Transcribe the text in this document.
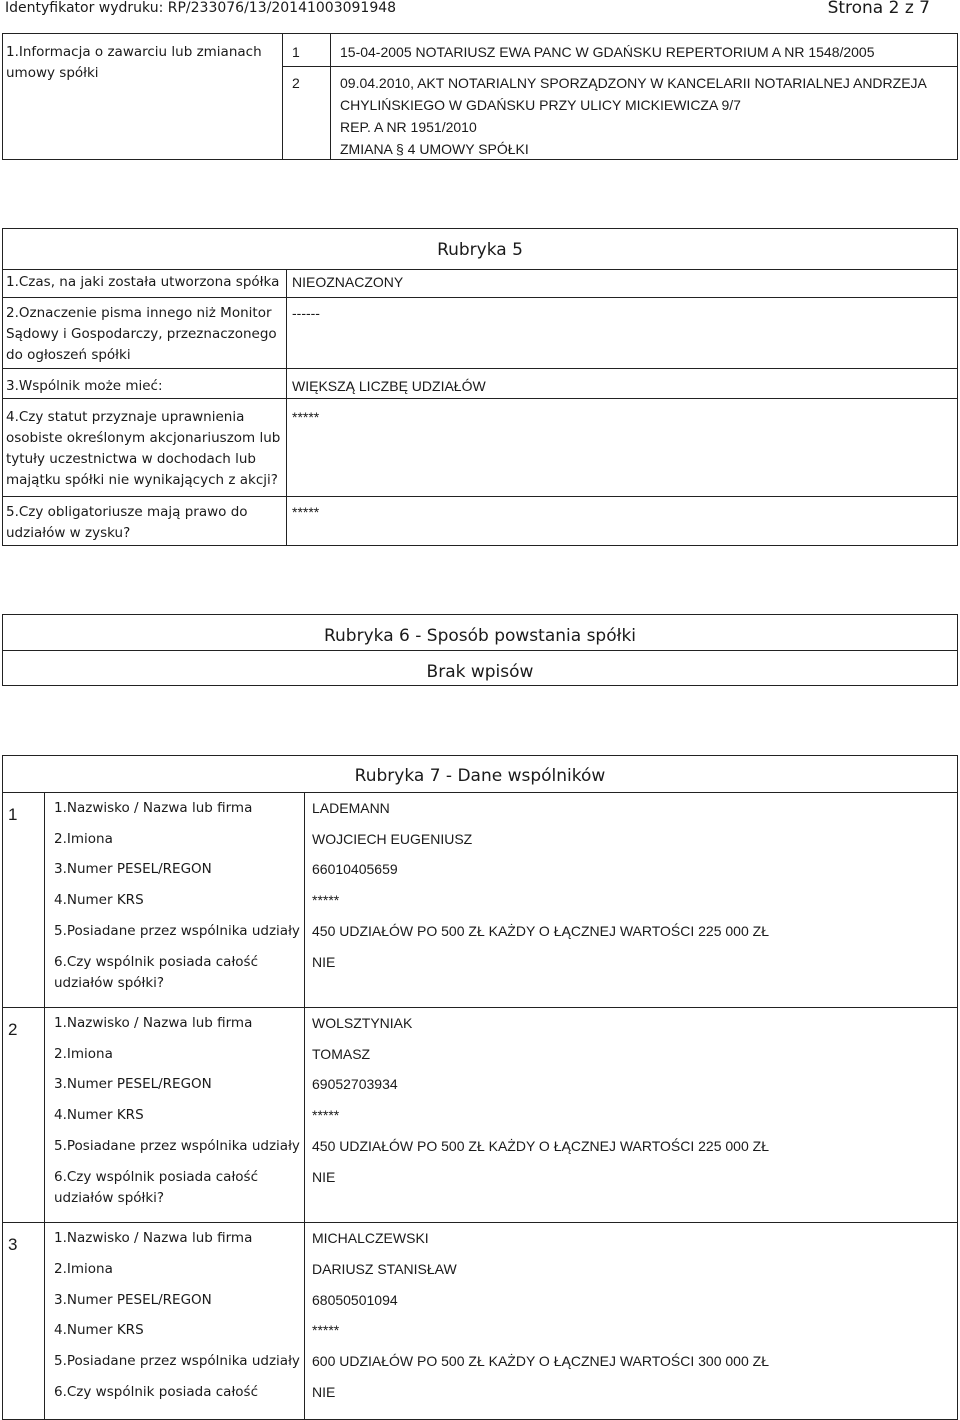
Identyfikator wydruku: RP/233076/13/20141003091948	Strona 2 z 7
1.Informacja o zawarciu lub zmianach umowy spółki
1	15-04-2005 NOTARIUSZ EWA PANC W GDAŃSKU REPERTORIUM A NR 1548/2005
2	09.04.2010, AKT NOTARIALNY SPORZĄDZONY W KANCELARII NOTARIALNEJ ANDRZEJA
CHYLIŃSKIEGO W GDAŃSKU PRZY ULICY MICKIEWICZA 9/7
REP. A NR 1951/2010
ZMIANA § 4 UMOWY SPÓŁKI
Rubryka 5
1.Czas, na jaki została utworzona spółka NIEOZNACZONY
2.Oznaczenie pisma innego niż Monitor Sądowy i Gospodarczy, przeznaczonego do ogłoszeń spółki
------
3.Wspólnik może mieć:	WIĘKSZĄ LICZBĘ UDZIAŁÓW
4.Czy statut przyznaje uprawnienia osobiste określonym akcjonariuszom lub tytuły uczestnictwa w dochodach lub majątku spółki nie wynikających z akcji?
*****
5.Czy obligatoriusze mają prawo do udziałów w zysku?
*****
Rubryka 6 - Sposób powstania spółki
Brak wpisów
Rubryka 7 - Dane wspólników
1	1.Nazwisko / Nazwa lub firma	LADEMANN
2.Imiona	WOJCIECH EUGENIUSZ
3.Numer PESEL/REGON	66010405659
4.Numer KRS	*****
5.Posiadane przez wspólnika udziały 450 UDZIAŁÓW PO 500 ZŁ KAŻDY O ŁĄCZNEJ WARTOŚCI 225 000 ZŁ
6.Czy wspólnik posiada całość udziałów spółki?
NIE
2	1.Nazwisko / Nazwa lub firma	WOLSZTYNIAK
2.Imiona	TOMASZ
3.Numer PESEL/REGON	69052703934
4.Numer KRS	*****
5.Posiadane przez wspólnika udziały 450 UDZIAŁÓW PO 500 ZŁ KAŻDY O ŁĄCZNEJ WARTOŚCI 225 000 ZŁ
6.Czy wspólnik posiada całość udziałów spółki?
NIE
3	1.Nazwisko / Nazwa lub firma	MICHALCZEWSKI
2.Imiona	DARIUSZ STANISŁAW
3.Numer PESEL/REGON	68050501094
4.Numer KRS	*****
5.Posiadane przez wspólnika udziały 600 UDZIAŁÓW PO 500 ZŁ KAŻDY O ŁĄCZNEJ WARTOŚCI 300 000 ZŁ
6.Czy wspólnik posiada całość	NIE
